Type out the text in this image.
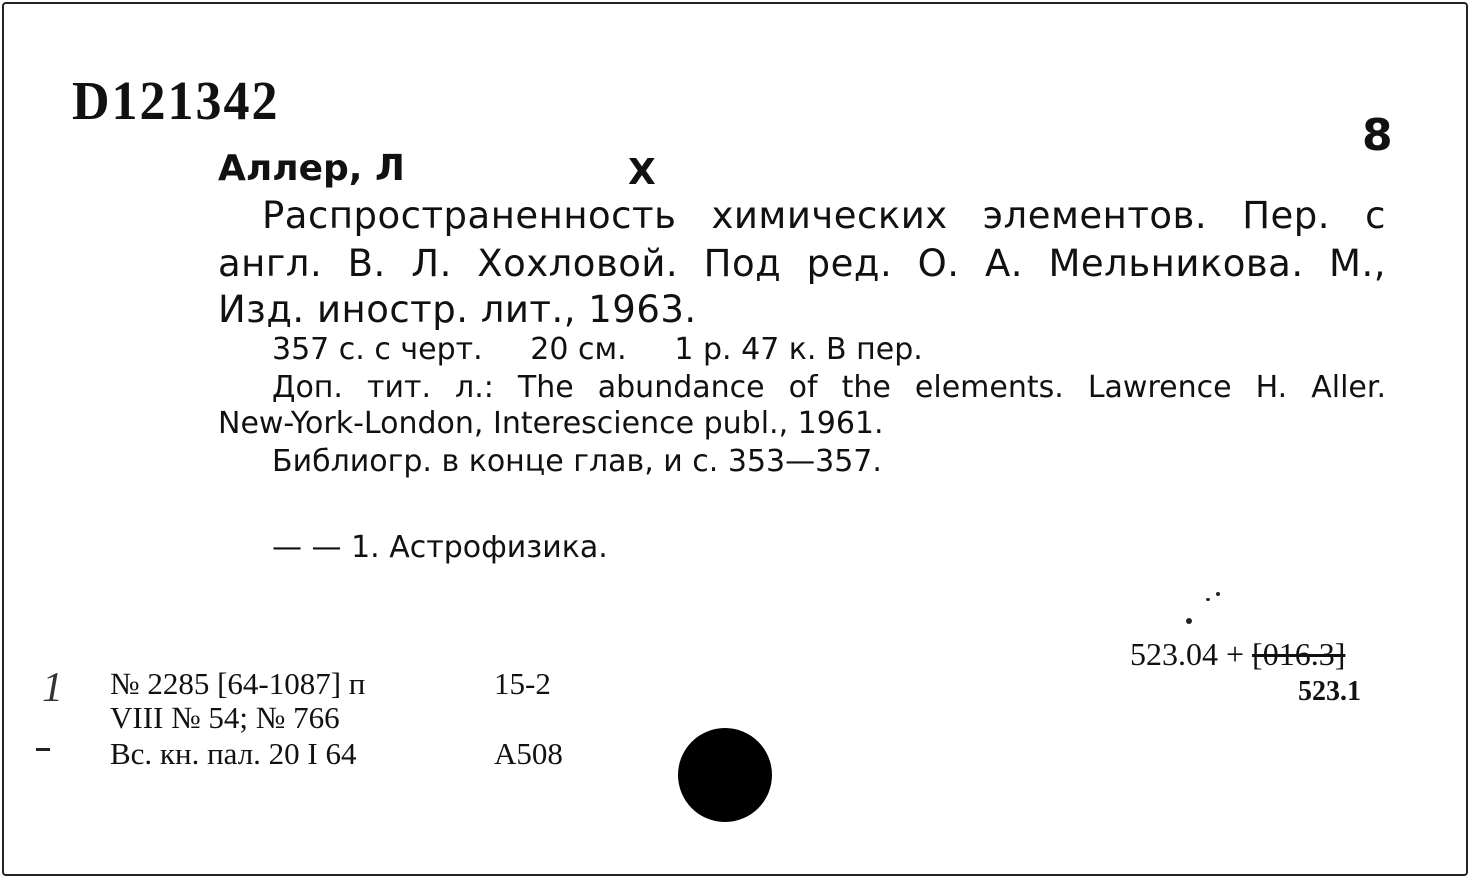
D121342
8
Аллер, Л	X
Распространенность химических элементов. Пер. с
англ. В. Л. Хохловой. Под ред. О. А. Мельникова. М.,
Изд. иностр. лит., 1963.
357 с. с черт.     20 см.     1 р. 47 к. В пер.
Доп. тит. л.: The abundance of the elements. Lawrence H. Aller.
New-York-London, Interescience publ., 1961.
Библиогр. в конце глав, и с. 353—357.
— — 1. Астрофизика.
523.04 + [016.3]
523.1
№ 2285 [64-1087] п	15-2
VIII № 54; № 766
Вс. кн. пал. 20 I 64	А508
1
